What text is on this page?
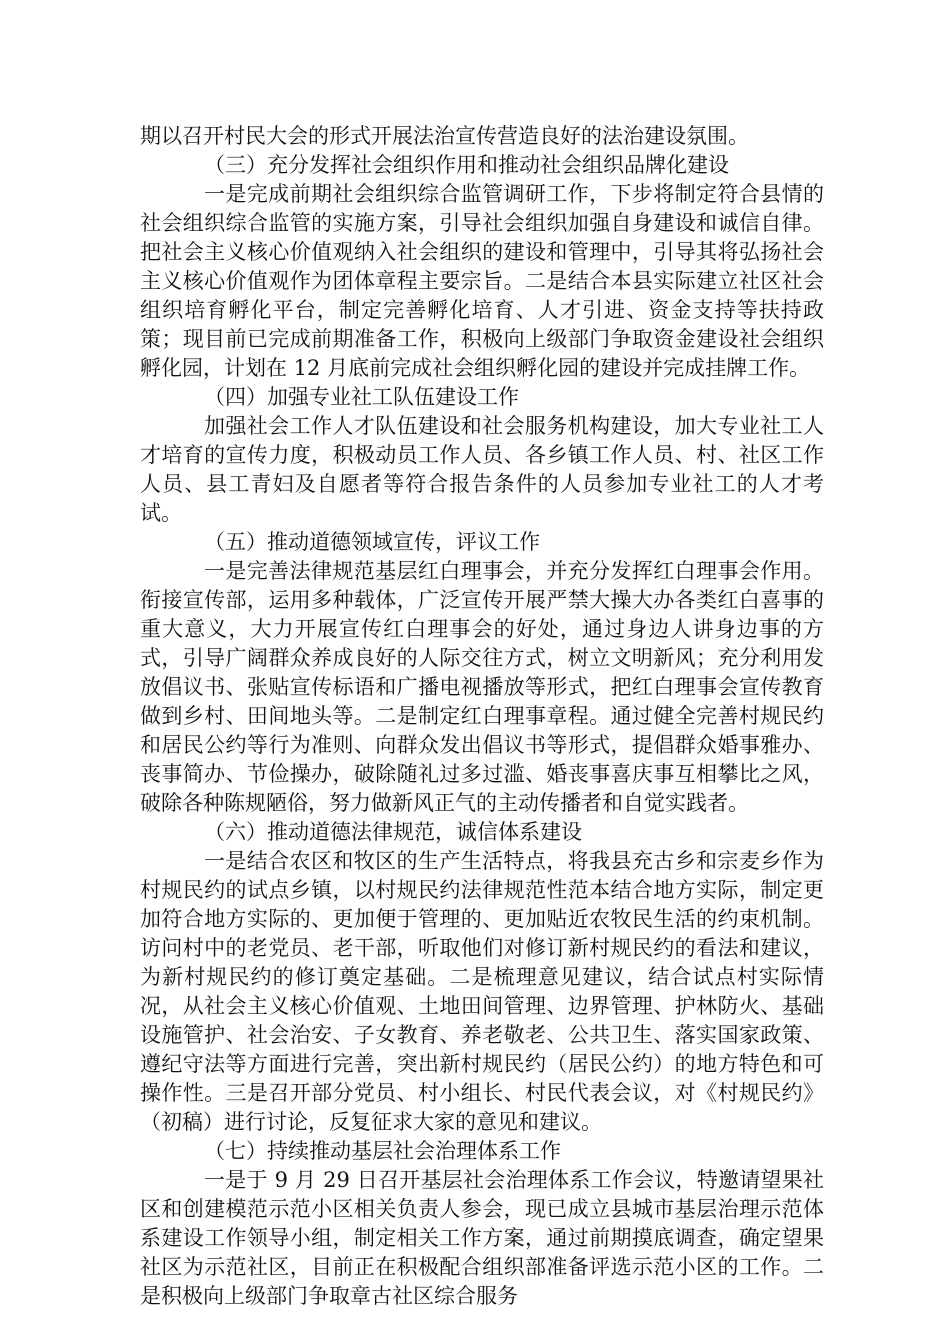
期以召开村民大会的形式开展法治宣传营造良好的法治建设氛围。

（三）充分发挥社会组织作用和推动社会组织品牌化建设

一是完成前期社会组织综合监管调研工作，下步将制定符合县情的社会组织综合监管的实施方案，引导社会组织加强自身建设和诚信自律。把社会主义核心价值观纳入社会组织的建设和管理中，引导其将弘扬社会主义核心价值观作为团体章程主要宗旨。二是结合本县实际建立社区社会组织培育孵化平台，制定完善孵化培育、人才引进、资金支持等扶持政策；现目前已完成前期准备工作，积极向上级部门争取资金建设社会组织孵化园，计划在 12 月底前完成社会组织孵化园的建设并完成挂牌工作。

（四）加强专业社工队伍建设工作

加强社会工作人才队伍建设和社会服务机构建设，加大专业社工人才培育的宣传力度，积极动员工作人员、各乡镇工作人员、村、社区工作人员、县工青妇及自愿者等符合报告条件的人员参加专业社工的人才考试。

（五）推动道德领域宣传，评议工作

一是完善法律规范基层红白理事会，并充分发挥红白理事会作用。衔接宣传部，运用多种载体，广泛宣传开展严禁大操大办各类红白喜事的重大意义，大力开展宣传红白理事会的好处，通过身边人讲身边事的方式，引导广阔群众养成良好的人际交往方式，树立文明新风；充分利用发放倡议书、张贴宣传标语和广播电视播放等形式，把红白理事会宣传教育做到乡村、田间地头等。二是制定红白理事章程。通过健全完善村规民约和居民公约等行为准则、向群众发出倡议书等形式，提倡群众婚事雅办、丧事简办、节俭操办，破除随礼过多过滥、婚丧事喜庆事互相攀比之风，破除各种陈规陋俗，努力做新风正气的主动传播者和自觉实践者。

（六）推动道德法律规范，诚信体系建设

一是结合农区和牧区的生产生活特点，将我县充古乡和宗麦乡作为村规民约的试点乡镇，以村规民约法律规范性范本结合地方实际，制定更加符合地方实际的、更加便于管理的、更加贴近农牧民生活的约束机制。访问村中的老党员、老干部，听取他们对修订新村规民约的看法和建议，为新村规民约的修订奠定基础。二是梳理意见建议，结合试点村实际情况，从社会主义核心价值观、土地田间管理、边界管理、护林防火、基础设施管护、社会治安、子女教育、养老敬老、公共卫生、落实国家政策、遵纪守法等方面进行完善，突出新村规民约（居民公约）的地方特色和可操作性。三是召开部分党员、村小组长、村民代表会议，对《村规民约》（初稿）进行讨论，反复征求大家的意见和建议。

（七）持续推动基层社会治理体系工作

一是于 9 月 29 日召开基层社会治理体系工作会议，特邀请望果社区和创建模范示范小区相关负责人参会，现已成立县城市基层治理示范体系建设工作领导小组，制定相关工作方案，通过前期摸底调查，确定望果社区为示范社区，目前正在积极配合组织部准备评选示范小区的工作。二是积极向上级部门争取章古社区综合服务
